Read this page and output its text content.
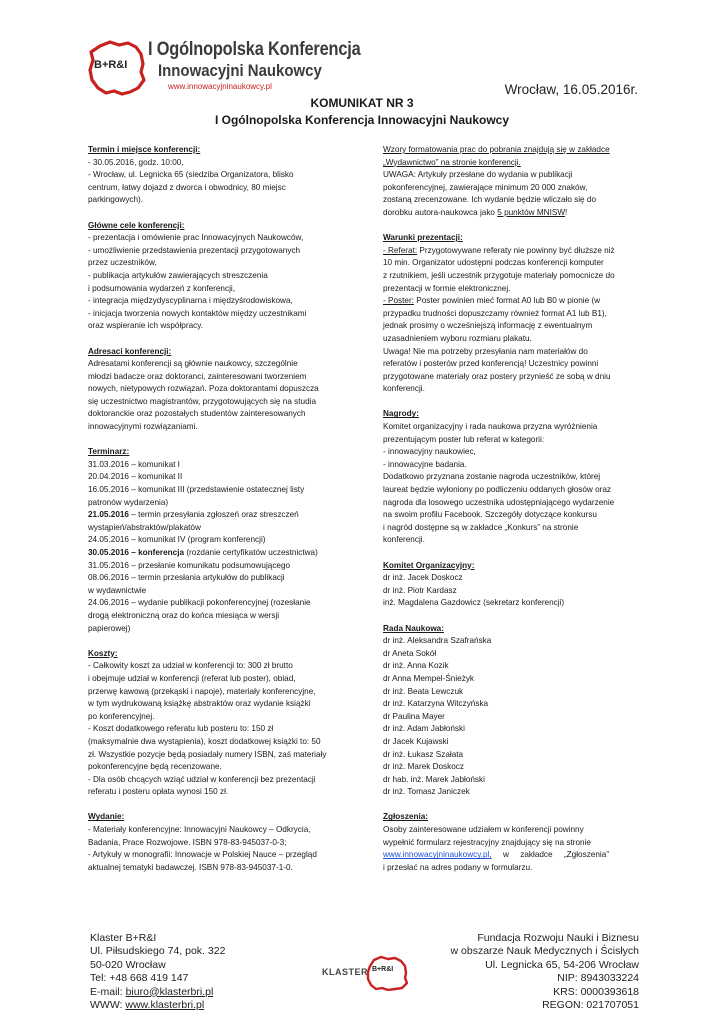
B+R&I
I Ogólnopolska Konferencja
Innowacyjni Naukowcy
www.innowacyjninaukowcy.pl	Wrocław, 16.05.2016r.
KOMUNIKAT NR 3
I Ogólnopolska Konferencja Innowacyjni Naukowcy
Termin i miejsce konferencji:
- 30.05.2016, godz. 10:00,
- Wrocław, ul. Legnicka 65 (siedziba Organizatora, blisko
centrum, łatwy dojazd z dworca i obwodnicy, 80 miejsc
parkingowych).
Główne cele konferencji:
- prezentacja i omówienie prac Innowacyjnych Naukowców,
- umożliwienie przedstawienia prezentacji przygotowanych
przez uczestników,
- publikacja artykułów zawierających streszczenia
i podsumowania wydarzeń z konferencji,
- integracja międzydyscyplinarna i międzyśrodowiskowa,
- inicjacja tworzenia nowych kontaktów między uczestnikami
oraz wspieranie ich współpracy.
Adresaci konferencji:
Adresatami konferencji są głównie naukowcy, szczególnie
młodzi badacze oraz doktoranci, zainteresowani tworzeniem
nowych, nietypowych rozwiązań. Poza doktorantami dopuszcza
się uczestnictwo magistrantów, przygotowujących się na studia
doktoranckie oraz pozostałych studentów zainteresowanych
innowacyjnymi rozwiązaniami.
Terminarz:
31.03.2016 – komunikat I
20.04.2016 – komunikat II
16.05.2016 – komunikat III (przedstawienie ostatecznej listy
patronów wydarzenia)
21.05.2016 – termin przesyłania zgłoszeń oraz streszczeń
wystąpień/abstraktów/plakatów
24.05.2016 – komunikat IV (program konferencji)
30.05.2016 – konferencja (rozdanie certyfikatów uczestnictwa)
31.05.2016 – przesłanie komunikatu podsumowującego
08.06.2016 – termin przesłania artykułów do publikacji
w wydawnictwie
24.06.2016 – wydanie publikacji pokonferencyjnej (rozesłanie
drogą elektroniczną oraz do końca miesiąca w wersji
papierowej)
Koszty:
- Całkowity koszt za udział w konferencji to: 300 zł brutto
i obejmuje udział w konferencji (referat lub poster), obiad,
przerwę kawową (przekąski i napoje), materiały konferencyjne,
w tym wydrukowaną książkę abstraktów oraz wydanie książki
po konferencyjnej.
- Koszt dodatkowego referatu lub posteru to: 150 zł
(maksymalnie dwa wystąpienia), koszt dodatkowej książki to: 50
zł. Wszystkie pozycje będą posiadały numery ISBN, zaś materiały
pokonferencyjne będą recenzowane.
- Dla osób chcących wziąć udział w konferencji bez prezentacji
referatu i posteru opłata wynosi 150 zł.
Wydanie:
- Materiały konferencyjne: Innowacyjni Naukowcy – Odkrycia,
Badania, Prace Rozwojowe. ISBN 978-83-945037-0-3;
- Artykuły w monografii: Innowacje w Polskiej Nauce – przegląd
aktualnej tematyki badawczej. ISBN 978-83-945037-1-0.
Wzory formatowania prac do pobrania znajdują się w zakładce
„Wydawnictwo” na stronie konferencji.
UWAGA: Artykuły przesłane do wydania w publikacji
pokonferencyjnej, zawierające minimum 20 000 znaków,
zostaną zrecenzowane. Ich wydanie będzie wliczało się do
dorobku autora-naukowca jako 5 punktów MNISW!
Warunki prezentacji:
- Referat: Przygotowywane referaty nie powinny być dłuższe niż
10 min. Organizator udostępni podczas konferencji komputer
z rzutnikiem, jeśli uczestnik przygotuje materiały pomocnicze do
prezentacji w formie elektronicznej.
- Poster: Poster powinien mieć format A0 lub B0 w pionie (w
przypadku trudności dopuszczamy również format A1 lub B1),
jednak prosimy o wcześniejszą informację z ewentualnym
uzasadnieniem wyboru rozmiaru plakatu.
Uwaga! Nie ma potrzeby przesyłania nam materiałów do
referatów i posterów przed konferencją! Uczestnicy powinni
przygotowane materiały oraz postery przynieść ze sobą w dniu
konferencji.
Nagrody:
Komitet organizacyjny i rada naukowa przyzna wyróżnienia
prezentującym poster lub referat w kategorii:
- innowacyjny naukowiec,
- innowacyjne badania.
Dodatkowo przyznana zostanie nagroda uczestników, której
laureat będzie wyłoniony po podliczeniu oddanych głosów oraz
nagroda dla losowego uczestnika udostępniającego wydarzenie
na swoim profilu Facebook. Szczegóły dotyczące konkursu
i nagród dostępne są w zakładce „Konkurs” na stronie
konferencji.
Komitet Organizacyjny:
dr inż. Jacek Doskocz
dr inż. Piotr Kardasz
inż. Magdalena Gazdowicz (sekretarz konferencji)
Rada Naukowa:
dr inż. Aleksandra Szafrańska
dr Aneta Sokół
dr inż. Anna Kozik
dr Anna Mempel-Śnieżyk
dr inż. Beata Lewczuk
dr inż. Katarzyna Witczyńska
dr Paulina Mayer
dr inż. Adam Jabłoński
dr Jacek Kujawski
dr inż. Łukasz Szałata
dr inż. Marek Doskocz
dr hab. inż. Marek Jabłoński
dr inż. Tomasz Janiczek
Zgłoszenia:
Osoby zainteresowane udziałem w konferencji powinny
wypełnić formularz rejestracyjny znajdujący się na stronie
www.innowacyjninaukowcy.pl,     w     zakładce     „Zgłoszenia”
i przesłać na adres podany w formularzu.
Klaster B+R&I
Ul. Piłsudskiego 74, pok. 322
50-020 Wrocław
Tel: +48 668 419 147
E-mail: biuro@klasterbri.pl
WWW: www.klasterbri.pl
KLASTER B+R&I
Fundacja Rozwoju Nauki i Biznesu
w obszarze Nauk Medycznych i Ścisłych
Ul. Legnicka 65, 54-206 Wrocław
NIP: 8943033224
KRS: 0000393618
REGON: 021707051
